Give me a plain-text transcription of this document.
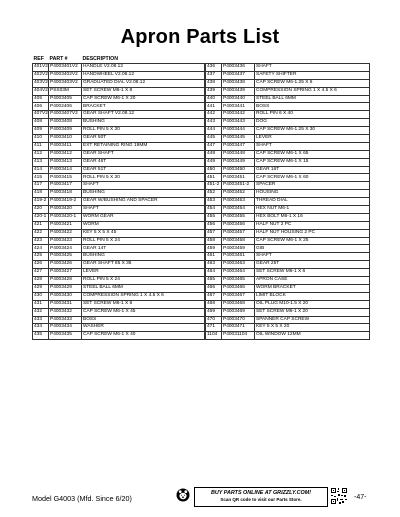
Apron Parts List
REF	PART #	DESCRIPTION
401V2	P4003401V2	HANDLE V2.08.12
402V2	P4003402V2	HANDWHEEL V2.08.12
403V2	P4003403V2	GRADUATED DIAL V2.08.12
404V2	PSS03M	SET SCREW M6-1 X 8
405	P4003405	CAP SCREW M6-1 X 20
406	P4002406	BRACKET
407V2	P4003407V2	GEAR SHAFT V2.08.12
408	P4003408	BUSHING
409	P4003409	ROLL PIN 5 X 30
410	P4003410	GEAR 50T
411	P4003411	EXT RETAINING RING 19MM
412	P4003412	GEAR SHAFT
413	P4003413	GEAR 46T
414	P4003414	GEAR 51T
415	P4003415	ROLL PIN 5 X 30
417	P4003417	SHAFT
418	P4003418	BUSHING
419-2	P4003419-2	GEAR W/BUSHING AND SPACER
420	P4003420	SHAFT
420-1	P4003420-1	WORM GEAR
421	P4003421	WORM
422	P4003422	KEY 5 X 5 X 45
423	P4003423	ROLL PIN 5 X 24
424	P4003424	GEAR 14T
425	P4003425	BUSHING
426	P4003426	GEAR SHAFT 85 X 36
427	P4003427	LEVER
428	P4003428	ROLL PIN 5 X 24
429	P4003429	STEEL BALL 6MM
430	P4003430	COMPRESSION SPRING 1 X 4.5 X 6
431	P4003431	SET SCREW M6-1 X 8
432	P4003432	CAP SCREW M6-1 X 45
433	P4003433	BOSS
434	P4003434	WASHER
435	P4003435	CAP SCREW M6-1 X 40

436	P4003436	SHAFT
437	P4003437	SAFETY SHIFTER
438	P4003438	CAP SCREW M6-1.25 X 6
439	P4003439	COMPRESSION SPRING 1 X 4.5 X 6
440	P4003440	STEEL BALL 6MM
441	P4003441	BOSS
442	P4003442	ROLL PIN 6 X 40
443	P4003443	DOG
444	P4003444	CAP SCREW M6-1.25 X 30
445	P4003445	LEVER
447	P4003447	SHAFT
448	P4003448	CAP SCREW M6-1 X 65
449	P4003449	CAP SCREW M6-1 X 15
450	P4003450	GEAR 16T
451	P4003451	CAP SCREW M6-1 X 60
451-2	P4003451-2	SPACER
452	P4003452	HOUSING
453	P4003453	THREAD DIAL
454	P4003454	HEX NUT M6-1
455	P4003455	HEX BOLT M6-1 X 16
456	P4003456	HALF NUT 2 PC
457	P4003457	HALF NUT HOUSING 2 PC
458	P4003458	CAP SCREW M6-1 X 25
459	P4003459	GIB
461	P4003461	SHAFT
463	P4003463	GEAR 25T
464	P4003464	SET SCREW M6-1 X 6
465	P4003465	APRON CASE
466	P4003466	WORM BRACKET
467	P4003467	LIMIT BLOCK
468	P4003468	OIL PLUG M10-1.5 X 20
469	P4003469	SET SCREW M6-1 X 20
470	P4003470	SPANNER CAP SCREW
471	P4003471	KEY 5 X 5 X 20
1104	P40031104	OIL WINDOW 12MM
Model G4003 (Mfd. Since 6/20)
BUY PARTS ONLINE AT GRIZZLY.COM!
Scan QR code to visit our Parts Store.	-47-
